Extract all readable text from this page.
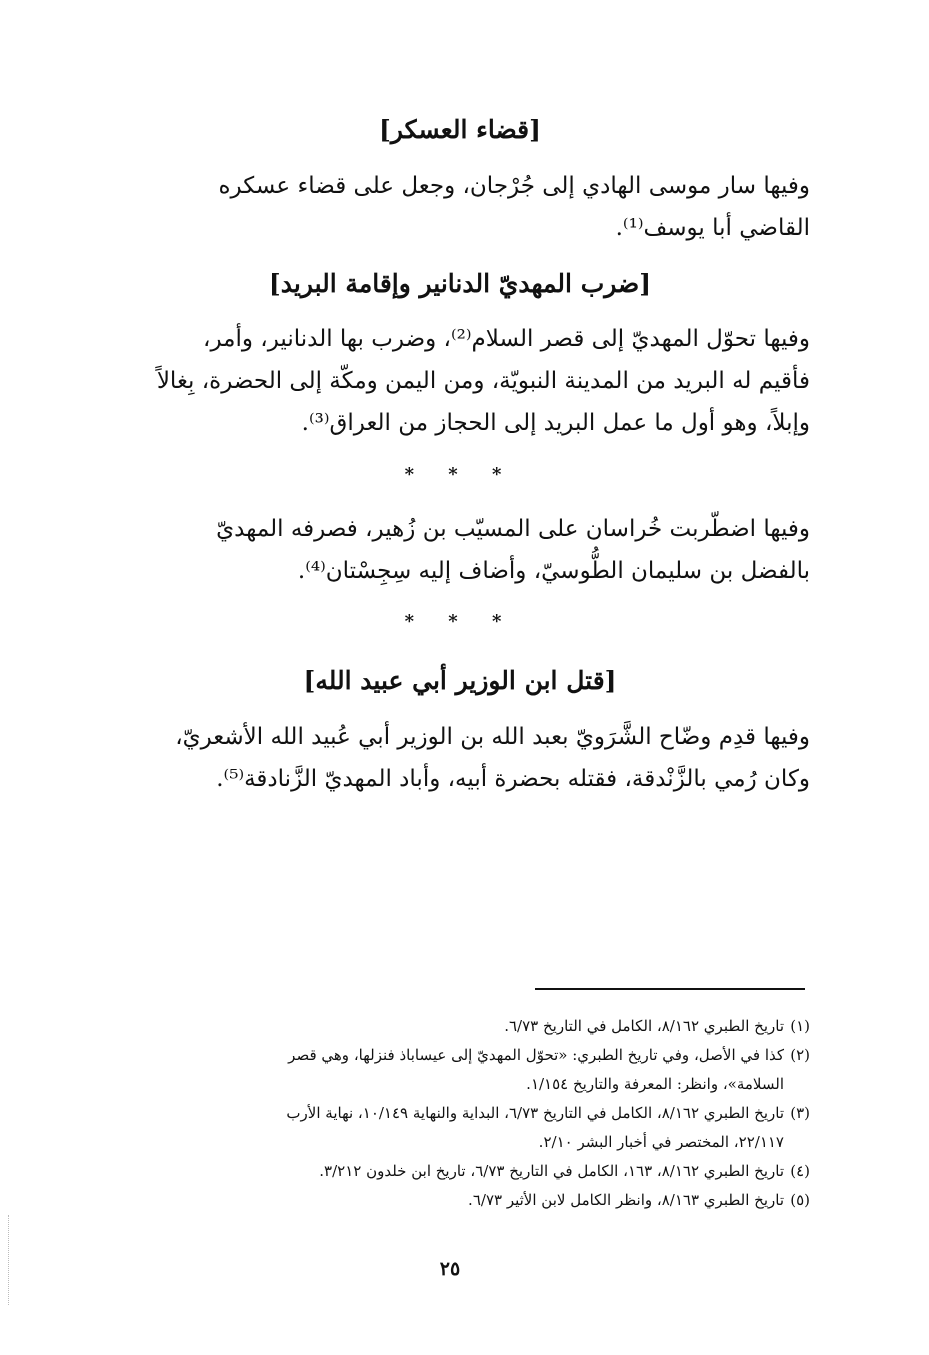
[قضاء العسكر]

وفيها سار موسى الهادي إلى جُرْجان، وجعل على قضاء عسكره

القاضي أبا يوسف⁽¹⁾.

[ضرب المهديّ الدنانير وإقامة البريد]

وفيها تحوّل المهديّ إلى قصر السلام⁽²⁾، وضرب بها الدنانير، وأمر،

فأقيم له البريد من المدينة النبويّة، ومن اليمن ومكّة إلى الحضرة، بِغالاً

وإبلاً، وهو أول ما عمل البريد إلى الحجاز من العراق⁽³⁾.

* * *

وفيها اضطّربت خُراسان على المسيّب بن زُهير، فصرفه المهديّ

بالفضل بن سليمان الطُّوسيّ، وأضاف إليه سِجِسْتان⁽⁴⁾.

* * *
[قتل ابن الوزير أبي عبيد الله]

وفيها قدِم وضّاح الشَّرَويّ بعبد الله بن الوزير أبي عُبيد الله الأشعريّ،

وكان رُمي بالزَّنْدقة، فقتله بحضرة أبيه، وأباد المهديّ الزَّنادقة⁽⁵⁾.

(١)
تاريخ الطبري ٨/١٦٢، الكامل في التاريخ ٦/٧٣.
(٢)
كذا في الأصل، وفي تاريخ الطبري: «تحوّل المهديّ إلى عيساباذ فنزلها، وهي قصر
السلامة»، وانظر: المعرفة والتاريخ ١/١٥٤.
(٣)
تاريخ الطبري ٨/١٦٢، الكامل في التاريخ ٦/٧٣، البداية والنهاية ١٠/١٤٩، نهاية الأرب
٢٢/١١٧، المختصر في أخبار البشر ٢/١٠.
(٤)
تاريخ الطبري ٨/١٦٢، ١٦٣، الكامل في التاريخ ٦/٧٣، تاريخ ابن خلدون ٣/٢١٢.
(٥)
تاريخ الطبري ٨/١٦٣، وانظر الكامل لابن الأثير ٦/٧٣.
٢٥
